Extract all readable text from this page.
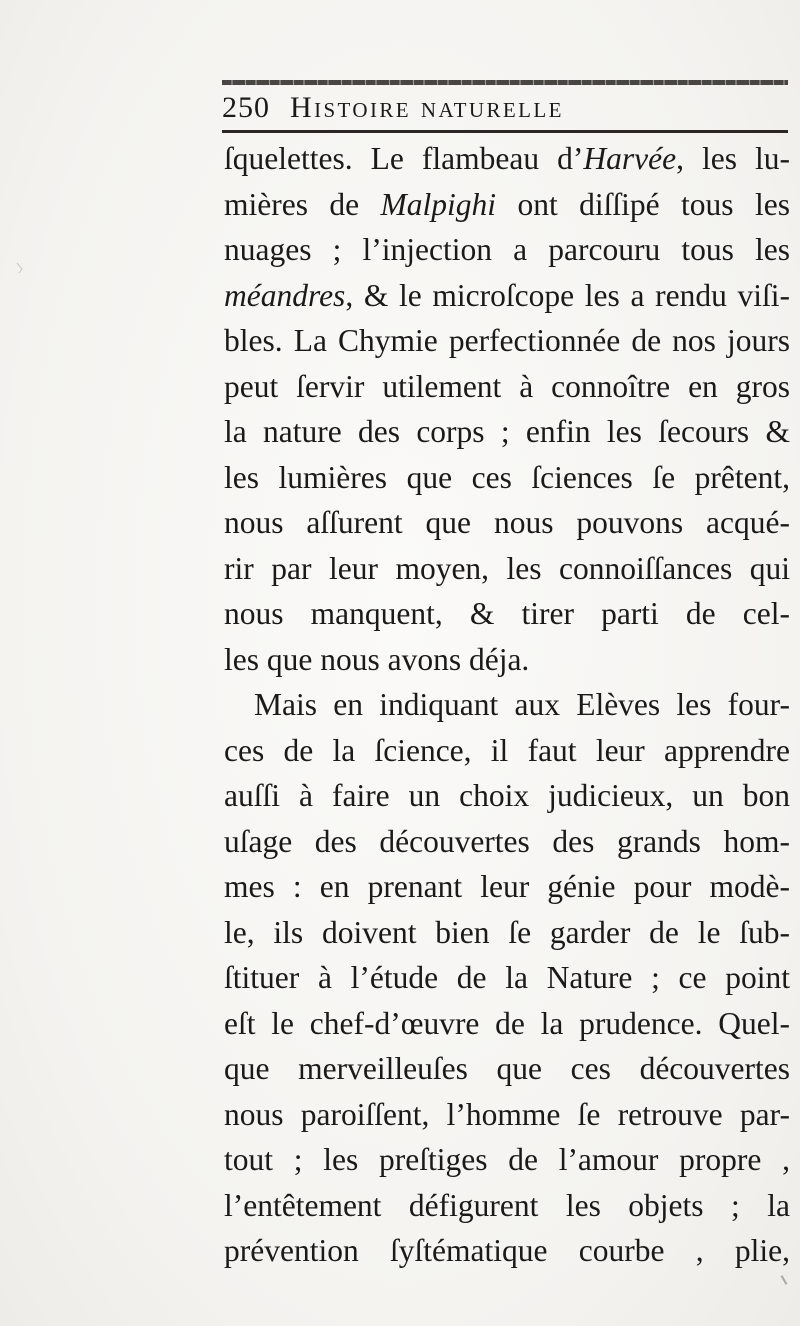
250 Histoire naturelle
ſquelettes. Le flambeau d’Harvée, les lu-
mières de Malpighi ont diſſipé tous les
nuages ; l’injection a parcouru tous les
méandres, & le microſcope les a rendu viſi-
bles. La Chymie perfectionnée de nos jours
peut ſervir utilement à connoître en gros
la nature des corps ; enfin les ſecours &
les lumières que ces ſciences ſe prêtent,
nous aſſurent que nous pouvons acqué-
rir par leur moyen, les connoiſſances qui
nous manquent, & tirer parti de cel-
les que nous avons déja.
Mais en indiquant aux Elèves les four-
ces de la ſcience, il faut leur apprendre
auſſi à faire un choix judicieux, un bon
uſage des découvertes des grands hom-
mes : en prenant leur génie pour modè-
le, ils doivent bien ſe garder de le ſub-
ſtituer à l’étude de la Nature ; ce point
eſt le chef-d’œuvre de la prudence. Quel-
que merveilleuſes que ces découvertes
nous paroiſſent, l’homme ſe retrouve par-
tout ; les preſtiges de l’amour propre ,
l’entêtement défigurent les objets ; la
prévention ſyſtématique courbe , plie,
